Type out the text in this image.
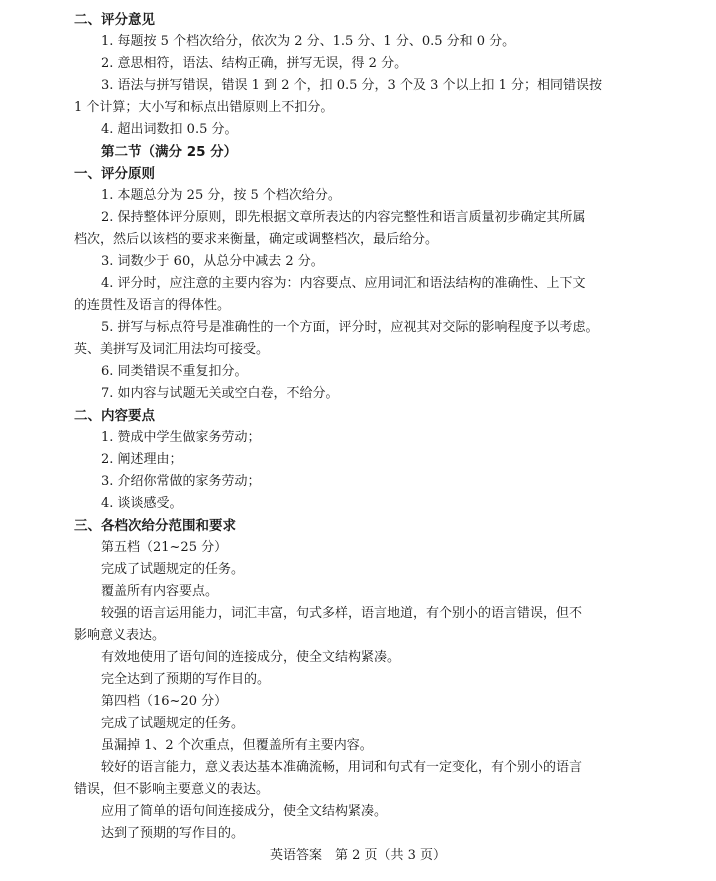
二、评分意见
1. 每题按 5 个档次给分，依次为 2 分、1.5 分、1 分、0.5 分和 0 分。
2. 意思相符，语法、结构正确，拼写无误，得 2 分。
3. 语法与拼写错误，错误 1 到 2 个，扣 0.5 分，3 个及 3 个以上扣 1 分；相同错误按
1 个计算；大小写和标点出错原则上不扣分。
4. 超出词数扣 0.5 分。
第二节（满分 25 分）
一、评分原则
1. 本题总分为 25 分，按 5 个档次给分。
2. 保持整体评分原则，即先根据文章所表达的内容完整性和语言质量初步确定其所属
档次，然后以该档的要求来衡量，确定或调整档次，最后给分。
3. 词数少于 60，从总分中减去 2 分。
4. 评分时，应注意的主要内容为：内容要点、应用词汇和语法结构的准确性、上下文
的连贯性及语言的得体性。
5. 拼写与标点符号是准确性的一个方面，评分时，应视其对交际的影响程度予以考虑。
英、美拼写及词汇用法均可接受。
6. 同类错误不重复扣分。
7. 如内容与试题无关或空白卷，不给分。
二、内容要点
1. 赞成中学生做家务劳动；
2. 阐述理由；
3. 介绍你常做的家务劳动；
4. 谈谈感受。
三、各档次给分范围和要求
第五档（21~25 分）
完成了试题规定的任务。
覆盖所有内容要点。
较强的语言运用能力，词汇丰富，句式多样，语言地道，有个别小的语言错误，但不
影响意义表达。
有效地使用了语句间的连接成分，使全文结构紧凑。
完全达到了预期的写作目的。
第四档（16~20 分）
完成了试题规定的任务。
虽漏掉 1、2 个次重点，但覆盖所有主要内容。
较好的语言能力，意义表达基本准确流畅，用词和句式有一定变化，有个别小的语言
错误，但不影响主要意义的表达。
应用了简单的语句间连接成分，使全文结构紧凑。
达到了预期的写作目的。
英语答案　第 2 页（共 3 页）
